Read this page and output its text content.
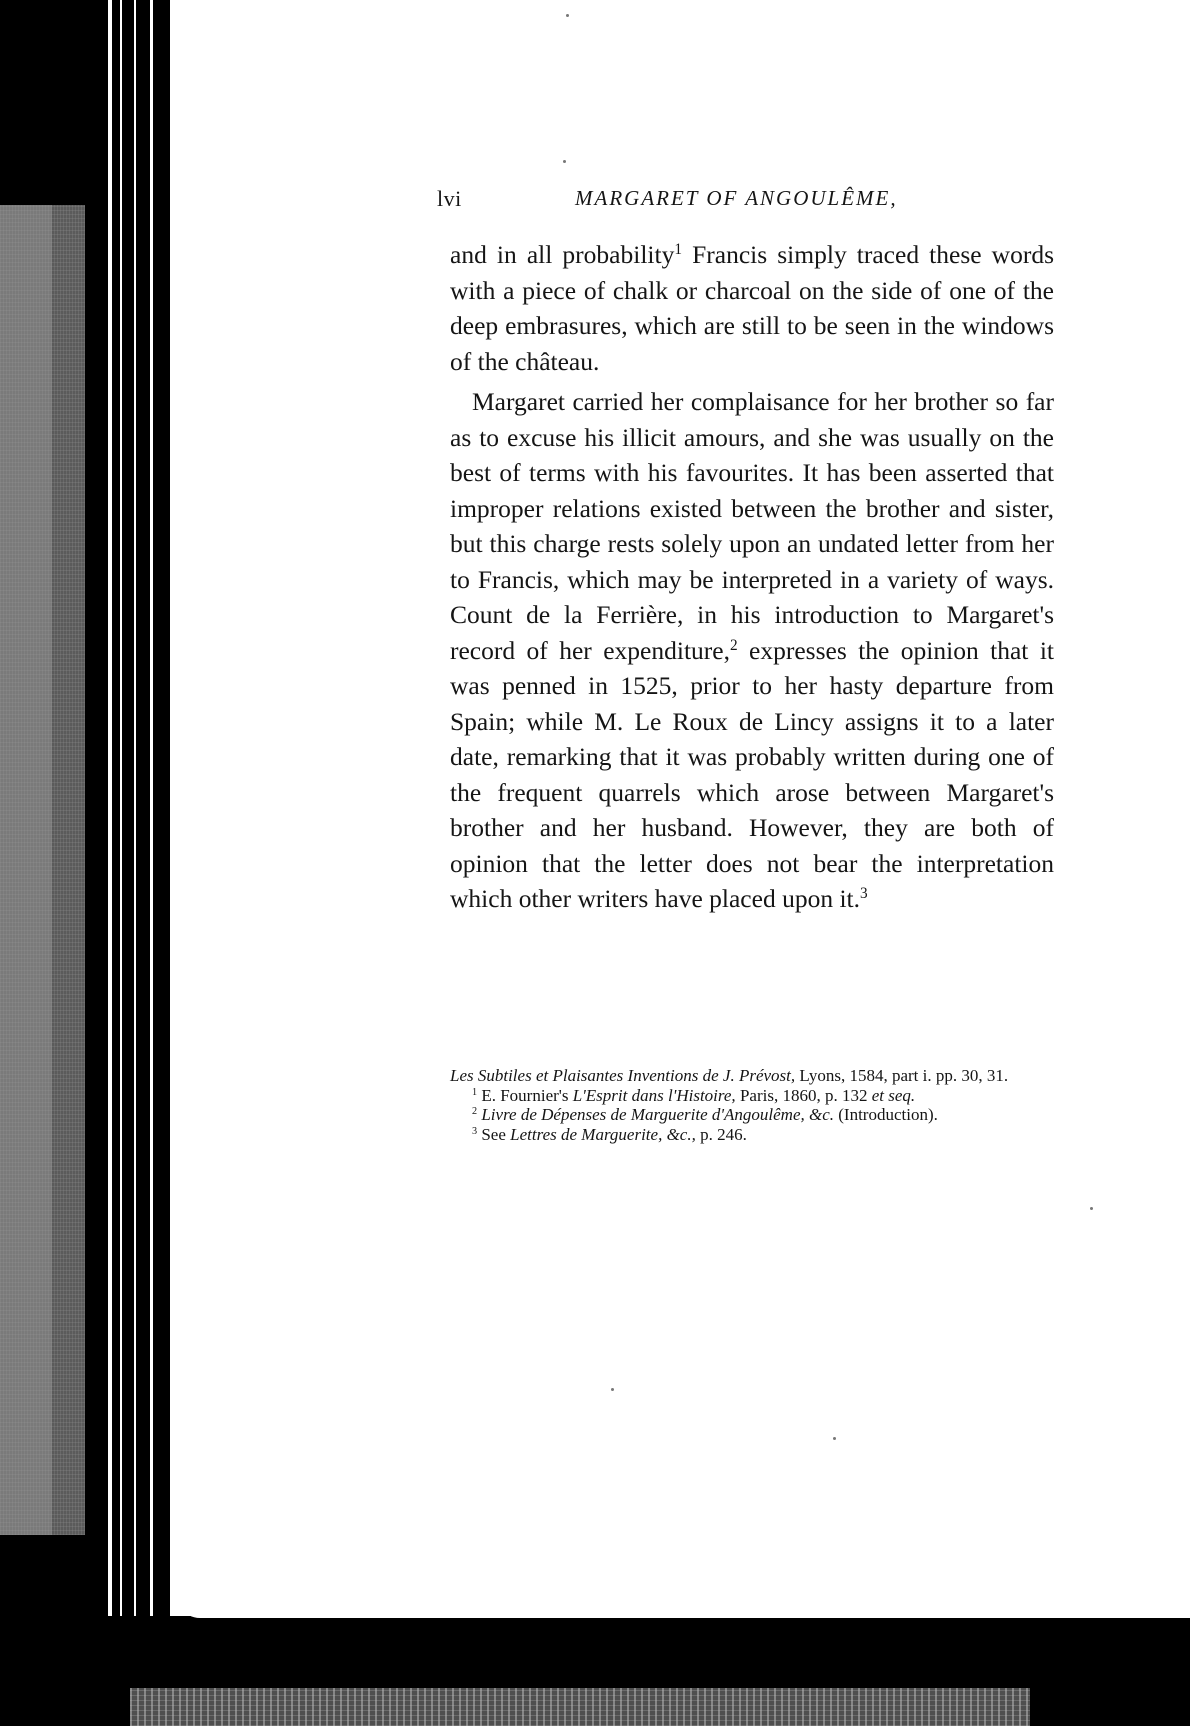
lvi	MARGARET OF ANGOULÊME,

and in all probability$^1$ Francis simply traced these words with a piece of chalk or charcoal on the side of one of the deep embrasures, which are still to be seen in the windows of the château.

Margaret carried her complaisance for her brother so far as to excuse his illicit amours, and she was usually on the best of terms with his favourites. It has been asserted that improper relations existed between the brother and sister, but this charge rests solely upon an undated letter from her to Francis, which may be interpreted in a variety of ways. Count de la Ferrière, in his introduction to Margaret's record of her expenditure,$^2$ expresses the opinion that it was penned in 1525, prior to her hasty departure from Spain; while M. Le Roux de Lincy assigns it to a later date, remarking that it was probably written during one of the frequent quarrels which arose between Margaret's brother and her husband. However, they are both of opinion that the letter does not bear the interpretation which other writers have placed upon it.$^3$

Les Subtiles et Plaisantes Inventions de J. Prévost, Lyons, 1584, part i. pp. 30, 31.

$^1$ E. Fournier's L'Esprit dans l'Histoire, Paris, 1860, p. 132 et seq.

$^2$ Livre de Dépenses de Marguerite d'Angoulême, &c. (Introduction).

$^3$ See Lettres de Marguerite, &c., p. 246.
